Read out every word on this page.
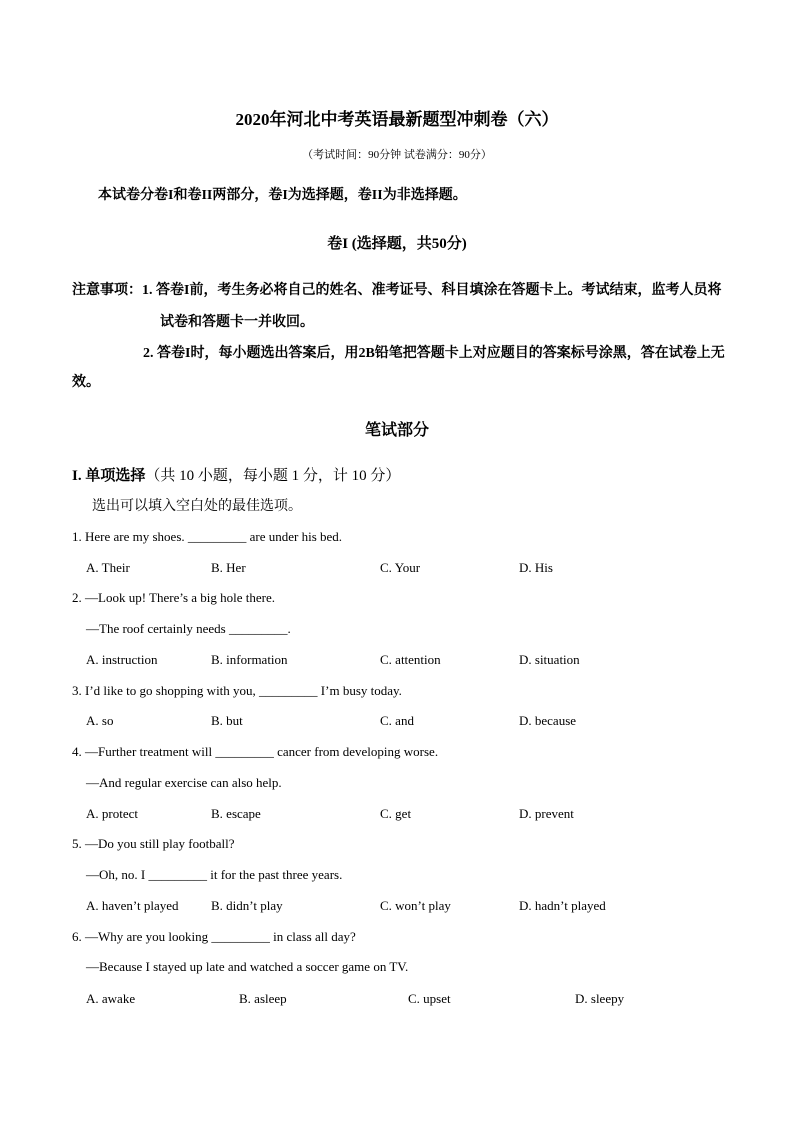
2020年河北中考英语最新题型冲刺卷（六）
（考试时间：90分钟 试卷满分：90分）
本试卷分卷I和卷II两部分，卷I为选择题，卷II为非选择题。
卷I (选择题，共50分)
注意事项：1. 答卷I前，考生务必将自己的姓名、准考证号、科目填涂在答题卡上。考试结束，监考人员将
试卷和答题卡一并收回。
2. 答卷I时，每小题选出答案后，用2B铅笔把答题卡上对应题目的答案标号涂黑，答在试卷上无
效。
笔试部分
I. 单项选择（共 10 小题，每小题 1 分，计 10 分）
选出可以填入空白处的最佳选项。
1. Here are my shoes. _________ are under his bed.
A. Their	B. Her	C. Your	D. His
2. —Look up! There’s a big hole there.
—The roof certainly needs _________.
A. instruction	B. information	C. attention	D. situation
3. I’d like to go shopping with you, _________ I’m busy today.
A. so	B. but	C. and	D. because
4. —Further treatment will _________ cancer from developing worse.
—And regular exercise can also help.
A. protect	B. escape	C. get	D. prevent
5. —Do you still play football?
—Oh, no. I _________ it for the past three years.
A. haven’t played B. didn’t play	C. won’t play	D. hadn’t played
6. —Why are you looking _________ in class all day?
—Because I stayed up late and watched a soccer game on TV.
A. awake	B. asleep	C. upset	D. sleepy
